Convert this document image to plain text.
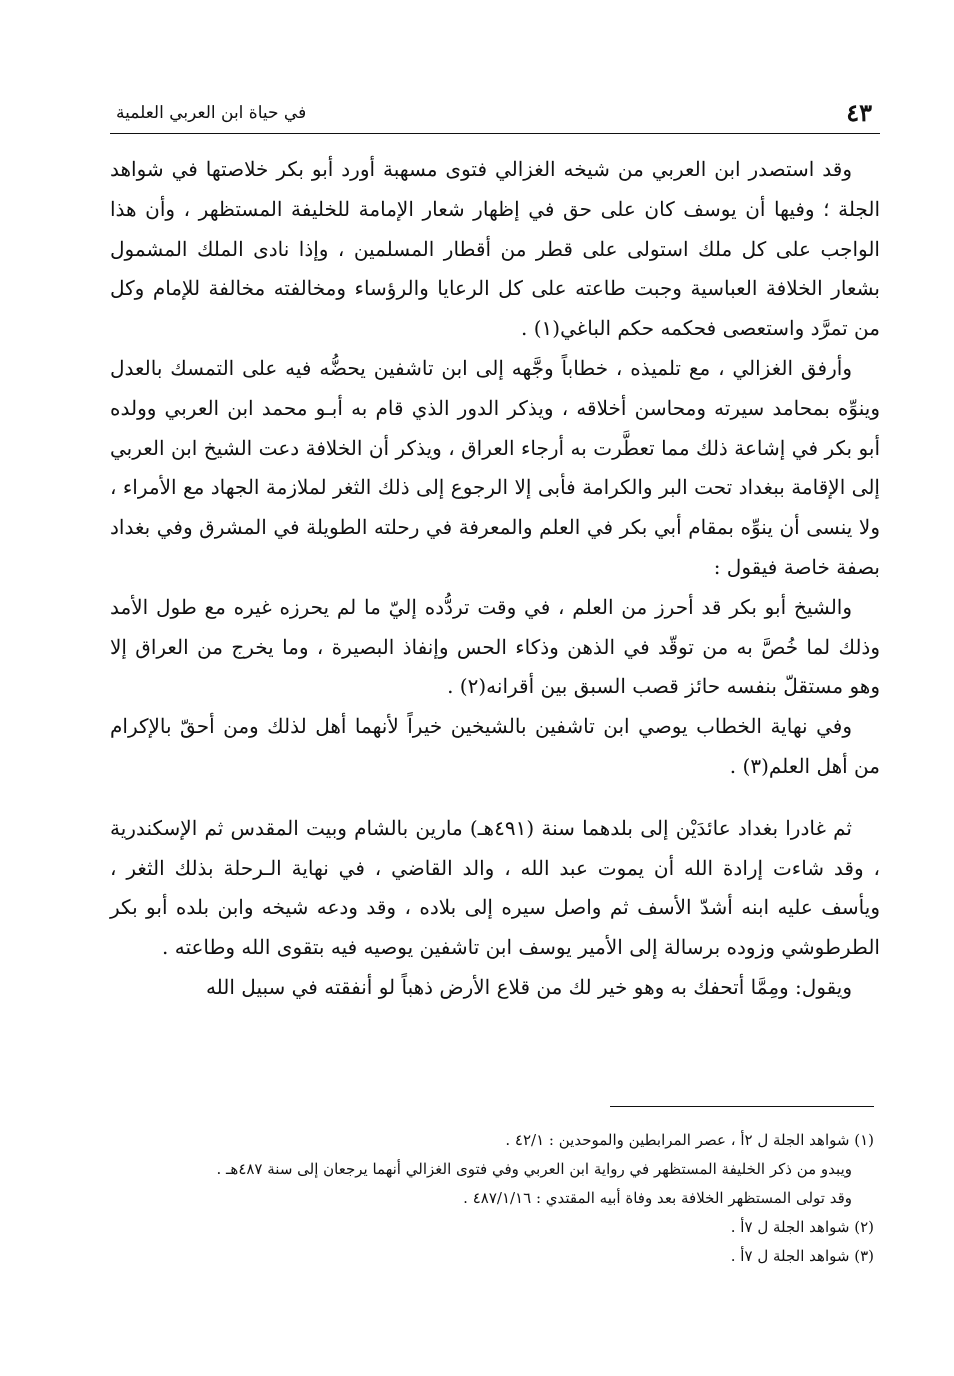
٤٣
في حياة ابن العربي العلمية

وقد استصدر ابن العربي من شيخه الغزالي فتوى مسهبة أورد أبو بكر خلاصتها في شواهد الجلة ؛ وفيها أن يوسف كان على حق في إظهار شعار الإمامة للخليفة المستظهر ، وأن هذا الواجب على كل ملك استولى على قطر من أقطار المسلمين ، وإذا نادى الملك المشمول بشعار الخلافة العباسية وجبت طاعته على كل الرعايا والرؤساء ومخالفته مخالفة للإمام وكل من تمرَّد واستعصى فحكمه حكم الباغي(١) .

وأرفق الغزالي ، مع تلميذه ، خطاباً وجَّهه إلى ابن تاشفين يحضُّه فيه على التمسك بالعدل وينوِّه بمحامد سيرته ومحاسن أخلاقه ، ويذكر الدور الذي قام به أبـو محمد ابن العربي وولده أبو بكر في إشاعة ذلك مما تعطَّرت به أرجاء العراق ، ويذكر أن الخلافة دعت الشيخ ابن العربي إلى الإقامة ببغداد تحت البر والكرامة فأبى إلا الرجوع إلى ذلك الثغر لملازمة الجهاد مع الأمراء ، ولا ينسى أن ينوِّه بمقام أبي بكر في العلم والمعرفة في رحلته الطويلة في المشرق وفي بغداد بصفة خاصة فيقول :

والشيخ أبو بكر قد أحرز من العلم ، في وقت تردُّده إليّ ما لم يحرزه غيره مع طول الأمد وذلك لما خُصَّ به من توقّد في الذهن وذكاء الحس وإنفاذ البصيرة ، وما يخرج من العراق إلا وهو مستقلّ بنفسه حائز قصب السبق بين أقرانه(٢) .

وفي نهاية الخطاب يوصي ابن تاشفين بالشيخين خيراً لأنهما أهل لذلك ومن أحقّ بالإكرام من أهل العلم(٣) .

ثم غادرا بغداد عائدَيْن إلى بلدهما سنة (٤٩١هـ) مارين بالشام وبيت المقدس ثم الإسكندرية ، وقد شاءت إرادة الله أن يموت عبد الله ، والد القاضي ، في نهاية الـرحلة بذلك الثغر ، ويأسف عليه ابنه أشدّ الأسف ثم واصل سيره إلى بلاده ، وقد ودعه شيخه وابن بلده أبو بكر الطرطوشي وزوده برسالة إلى الأمير يوسف ابن تاشفين يوصيه فيه بتقوى الله وطاعته .

ويقول: ومِمَّا أتحفك به وهو خير لك من قلاع الأرض ذهباً لو أنفقته في سبيل الله

(١) شواهد الجلة ل ٢أ ، عصر المرابطين والموحدين : ٤٢/١ .

ويبدو من ذكر الخليفة المستظهر في رواية ابن العربي وفي فتوى الغزالي أنهما يرجعان إلى سنة ٤٨٧هـ .

وقد تولى المستظهر الخلافة بعد وفاة أبيه المقتدي : ٤٨٧/١/١٦ .

(٢) شواهد الجلة ل ٧أ .

(٣) شواهد الجلة ل ٧أ .
